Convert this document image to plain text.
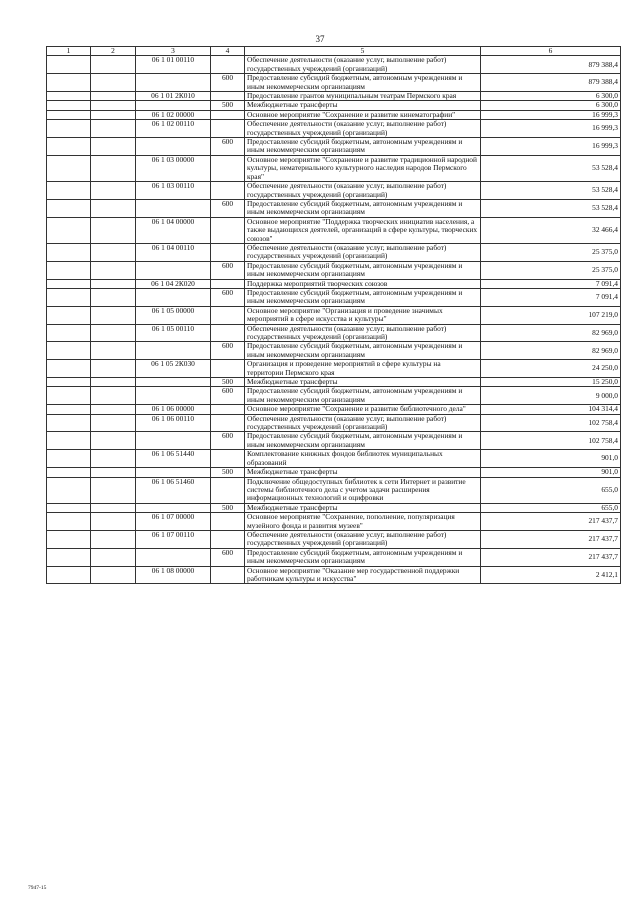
37
1	2	3	4	5	6
		06 1 01 00110		Обеспечение деятельности (оказание услуг, выполнение работ) государственных учреждений (организаций)	879 388,4
			600	Предоставление субсидий бюджетным, автономным учреждениям и иным некоммерческим организациям	879 388,4
		06 1 01 2К010		Предоставление грантов муниципальным театрам Пермского края	6 300,0
			500	Межбюджетные трансферты	6 300,0
		06 1 02 00000		Основное мероприятие "Сохранение и развитие кинематографии"	16 999,3
		06 1 02 00110		Обеспечение деятельности (оказание услуг, выполнение работ) государственных учреждений (организаций)	16 999,3
			600	Предоставление субсидий бюджетным, автономным учреждениям и иным некоммерческим организациям	16 999,3
		06 1 03 00000		Основное мероприятие "Сохранение и развитие традиционной народной культуры, нематериального культурного наследия народов Пермского края"	53 528,4
		06 1 03 00110		Обеспечение деятельности (оказание услуг, выполнение работ) государственных учреждений (организаций)	53 528,4
			600	Предоставление субсидий бюджетным, автономным учреждениям и иным некоммерческим организациям	53 528,4
		06 1 04 00000		Основное мероприятие "Поддержка творческих инициатив населения, а также выдающихся деятелей, организаций в сфере культуры, творческих союзов"	32 466,4
		06 1 04 00110		Обеспечение деятельности (оказание услуг, выполнение работ) государственных учреждений (организаций)	25 375,0
			600	Предоставление субсидий бюджетным, автономным учреждениям и иным некоммерческим организациям	25 375,0
		06 1 04 2К020		Поддержка мероприятий творческих союзов	7 091,4
			600	Предоставление субсидий бюджетным, автономным учреждениям и иным некоммерческим организациям	7 091,4
		06 1 05 00000		Основное мероприятие "Организация и проведение значимых мероприятий в сфере искусства и культуры"	107 219,0
		06 1 05 00110		Обеспечение деятельности (оказание услуг, выполнение работ) государственных учреждений (организаций)	82 969,0
			600	Предоставление субсидий бюджетным, автономным учреждениям и иным некоммерческим организациям	82 969,0
		06 1 05 2К030		Организация и проведение мероприятий в сфере культуры на территории Пермского края	24 250,0
			500	Межбюджетные трансферты	15 250,0
			600	Предоставление субсидий бюджетным, автономным учреждениям и иным некоммерческим организациям	9 000,0
		06 1 06 00000		Основное мероприятие "Сохранение и развитие библиотечного дела"	104 314,4
		06 1 06 00110		Обеспечение деятельности (оказание услуг, выполнение работ) государственных учреждений (организаций)	102 758,4
			600	Предоставление субсидий бюджетным, автономным учреждениям и иным некоммерческим организациям	102 758,4
		06 1 06 51440		Комплектование книжных фондов библиотек муниципальных образований	901,0
			500	Межбюджетные трансферты	901,0
		06 1 06 51460		Подключение общедоступных библиотек к сети Интернет и развитие системы библиотечного дела с учетом задачи расширения информационных технологий и оцифровки	655,0
			500	Межбюджетные трансферты	655,0
		06 1 07 00000		Основное мероприятие "Сохранение, пополнение, популяризация музейного фонда и развития музеев"	217 437,7
		06 1 07 00110		Обеспечение деятельности (оказание услуг, выполнение работ) государственных учреждений (организаций)	217 437,7
			600	Предоставление субсидий бюджетным, автономным учреждениям и иным некоммерческим организациям	217 437,7
		06 1 08 00000		Основное мероприятие "Оказание мер государственной поддержки работникам культуры и искусства"	2 412,1
7947-15
